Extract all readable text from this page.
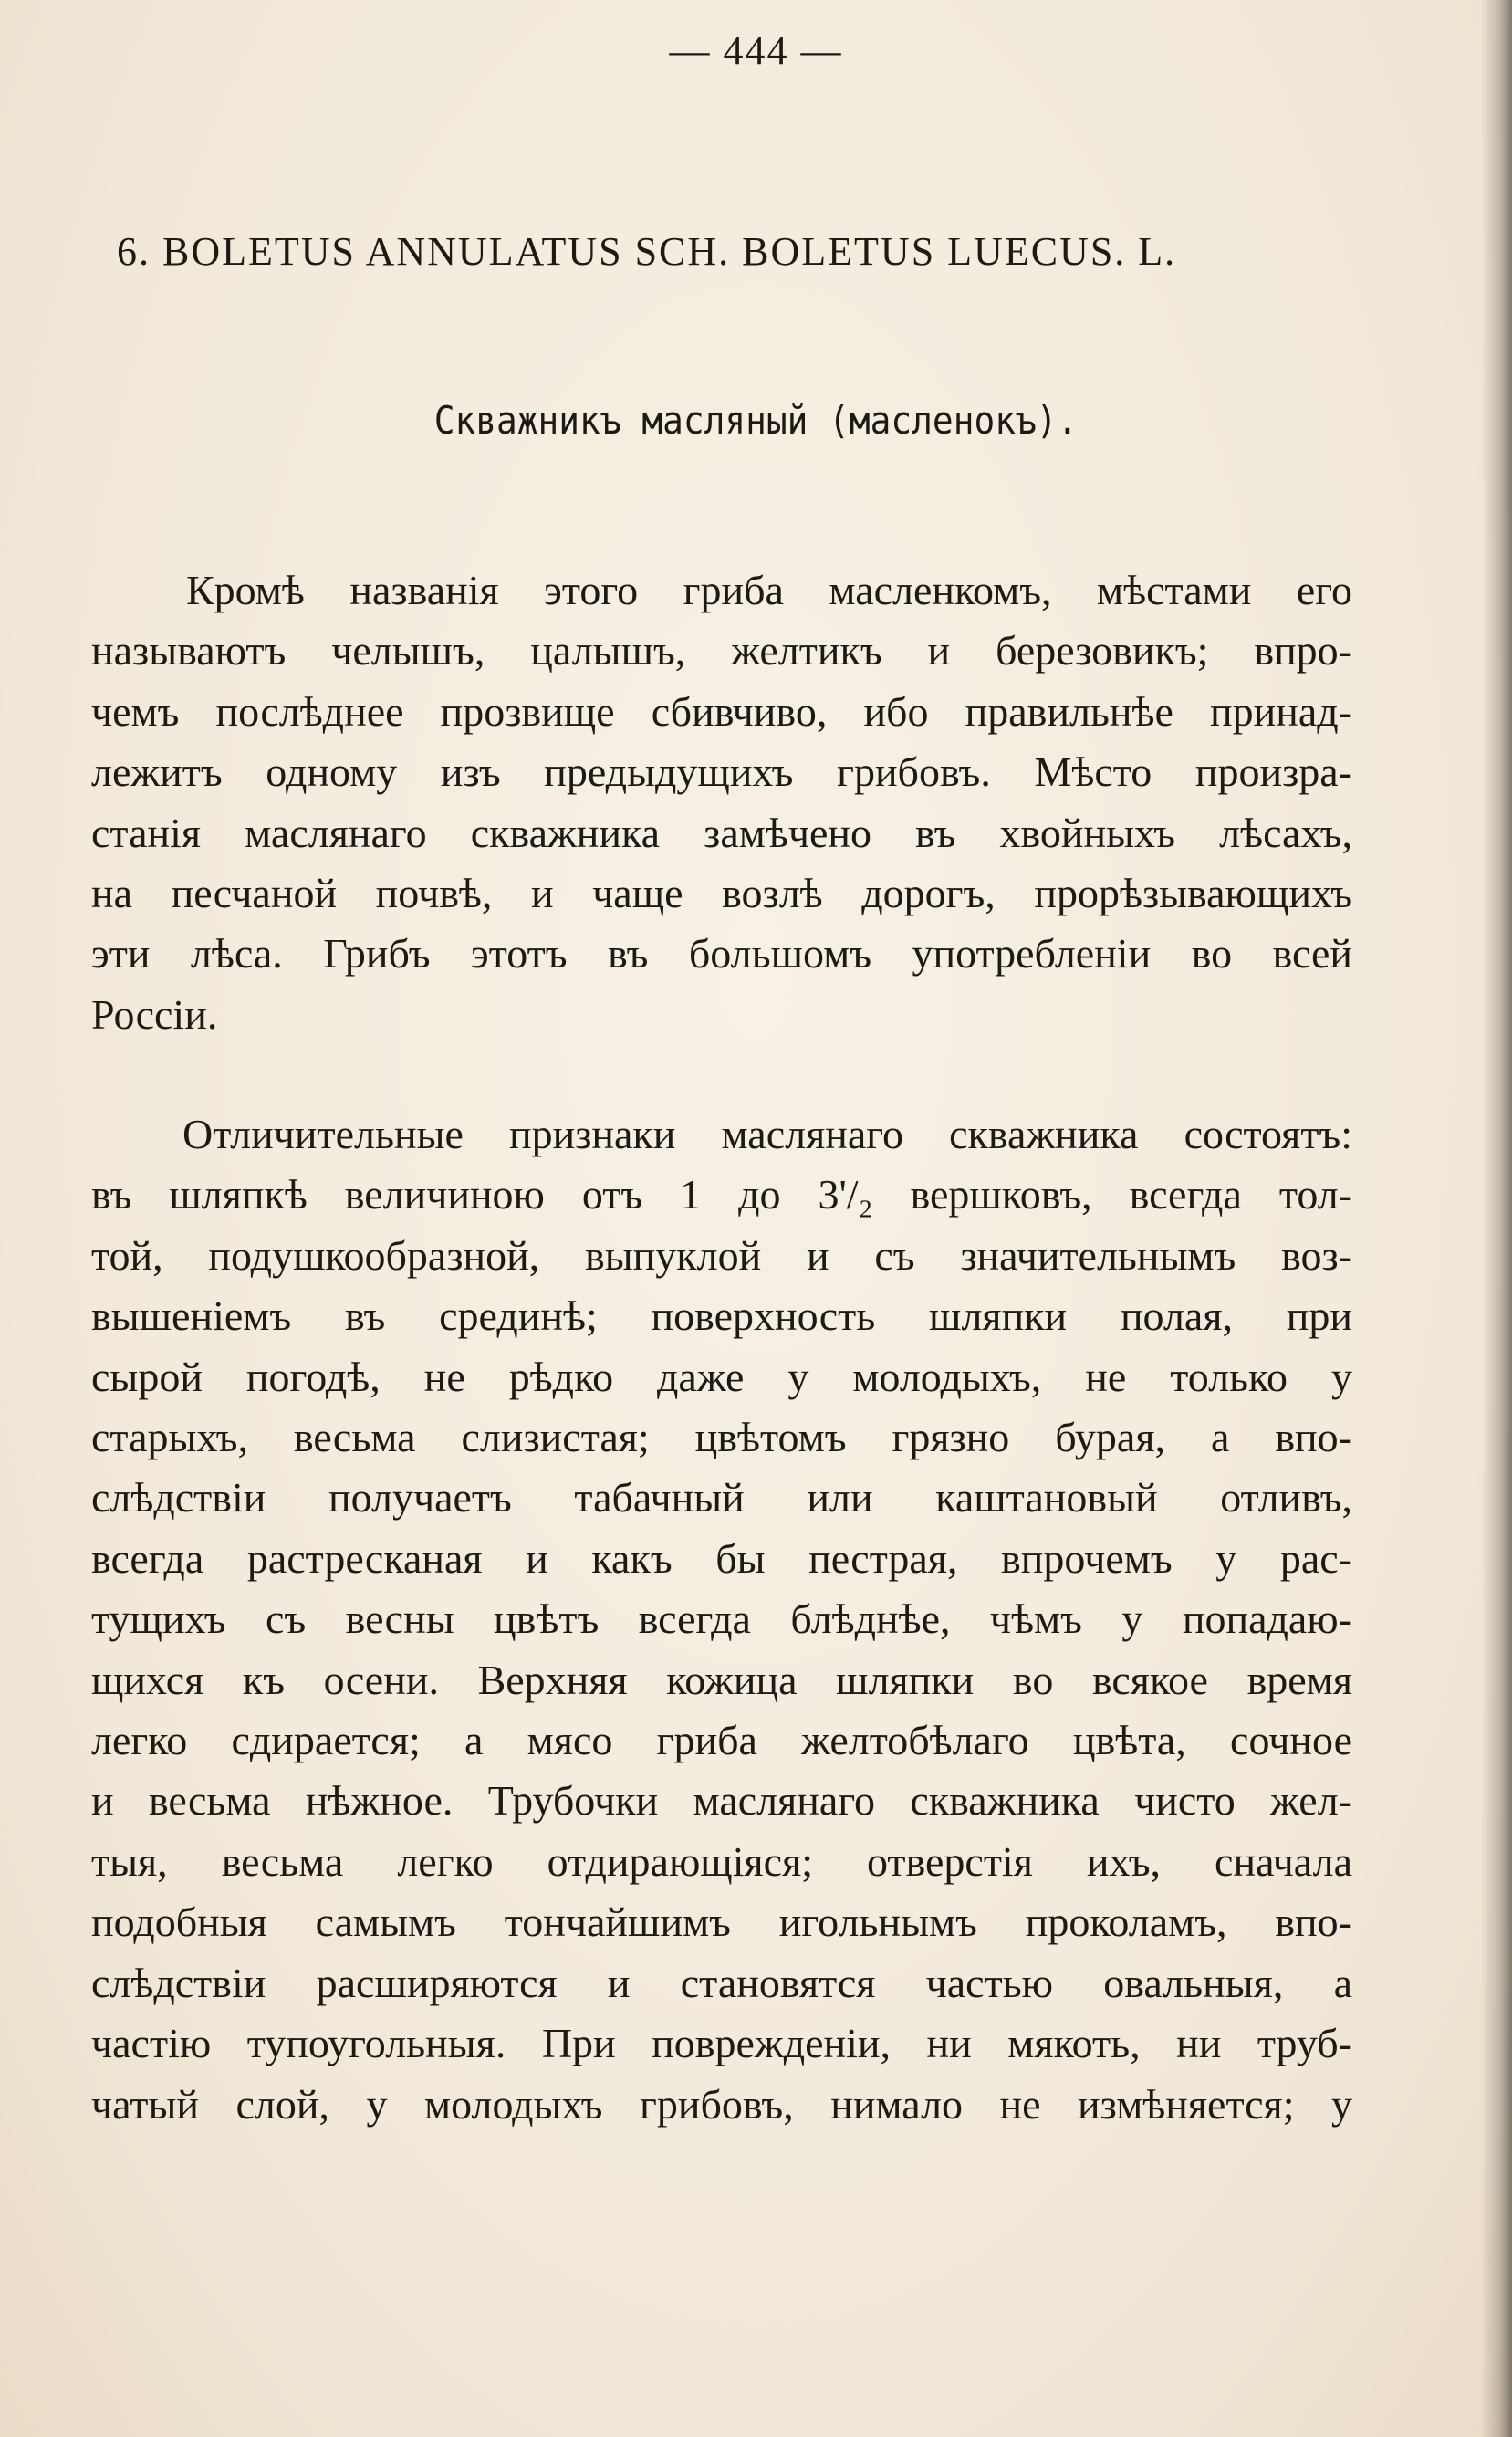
— 444 —
6. BOLETUS ANNULATUS SCH. BOLETUS LUECUS. L.
Скважникъ масляный (масленокъ).
Кромѣ названія этого гриба масленкомъ, мѣстами его
называютъ челышъ, цалышъ, желтикъ и березовикъ; впро-
чемъ послѣднее прозвище сбивчиво, ибо правильнѣе принад-
лежитъ одному изъ предыдущихъ грибовъ. Мѣсто произра-
станія маслянаго скважника замѣчено въ хвойныхъ лѣсахъ,
на песчаной почвѣ, и чаще возлѣ дорогъ, прорѣзывающихъ
эти лѣса. Грибъ этотъ въ большомъ употребленіи во всей
Россіи.
Отличительные признаки маслянаго скважника состоятъ:
въ шляпкѣ величиною отъ 1 до 3'/₂ вершковъ, всегда тол-
той, подушкообразной, выпуклой и съ значительнымъ воз-
вышеніемъ въ срединѣ; поверхность шляпки полая, при
сырой погодѣ, не рѣдко даже у молодыхъ, не только у
старыхъ, весьма слизистая; цвѣтомъ грязно бурая, а впо-
слѣдствіи получаетъ табачный или каштановый отливъ,
всегда растресканая и какъ бы пестрая, впрочемъ у рас-
тущихъ съ весны цвѣтъ всегда блѣднѣе, чѣмъ у попадаю-
щихся къ осени. Верхняя кожица шляпки во всякое время
легко сдирается; а мясо гриба желтобѣлаго цвѣта, сочное
и весьма нѣжное. Трубочки маслянаго скважника чисто жел-
тыя, весьма легко отдирающіяся; отверстія ихъ, сначала
подобныя самымъ тончайшимъ игольнымъ проколамъ, впо-
слѣдствіи расширяются и становятся частью овальныя, а
частію тупоугольныя. При поврежденіи, ни мякоть, ни труб-
чатый слой, у молодыхъ грибовъ, нимало не измѣняется; у
